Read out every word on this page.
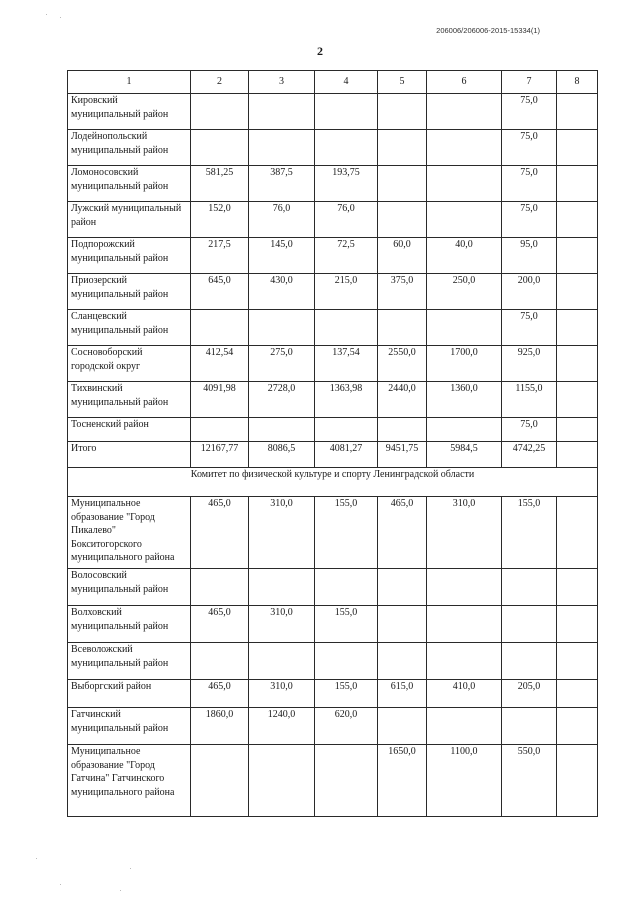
206006/206006-2015-15334(1)
2
1	2	3	4	5	6	7	8
Кировский муниципальный район						75,0	
Лодейнопольский муниципальный район						75,0	
Ломоносовский муниципальный район	581,25	387,5	193,75			75,0	
Лужский муниципальный район	152,0	76,0	76,0			75,0	
Подпорожский муниципальный район	217,5	145,0	72,5	60,0	40,0	95,0	
Приозерский муниципальный район	645,0	430,0	215,0	375,0	250,0	200,0	
Сланцевский муниципальный район						75,0	
Сосновоборский городской округ	412,54	275,0	137,54	2550,0	1700,0	925,0	
Тихвинский муниципальный район	4091,98	2728,0	1363,98	2440,0	1360,0	1155,0	
Тосненский район						75,0	
Итого	12167,77	8086,5	4081,27	9451,75	5984,5	4742,25	
Комитет по физической культуре и спорту Ленинградской области							
Муниципальное образование "Город Пикалево" Бокситогорского муниципального района	465,0	310,0	155,0	465,0	310,0	155,0	
Волосовский муниципальный район							
Волховский муниципальный район	465,0	310,0	155,0				
Всеволожский муниципальный район							
Выборгский район	465,0	310,0	155,0	615,0	410,0	205,0	
Гатчинский муниципальный район	1860,0	1240,0	620,0				
Муниципальное образование "Город Гатчина" Гатчинского муниципального района				1650,0	1100,0	550,0	
